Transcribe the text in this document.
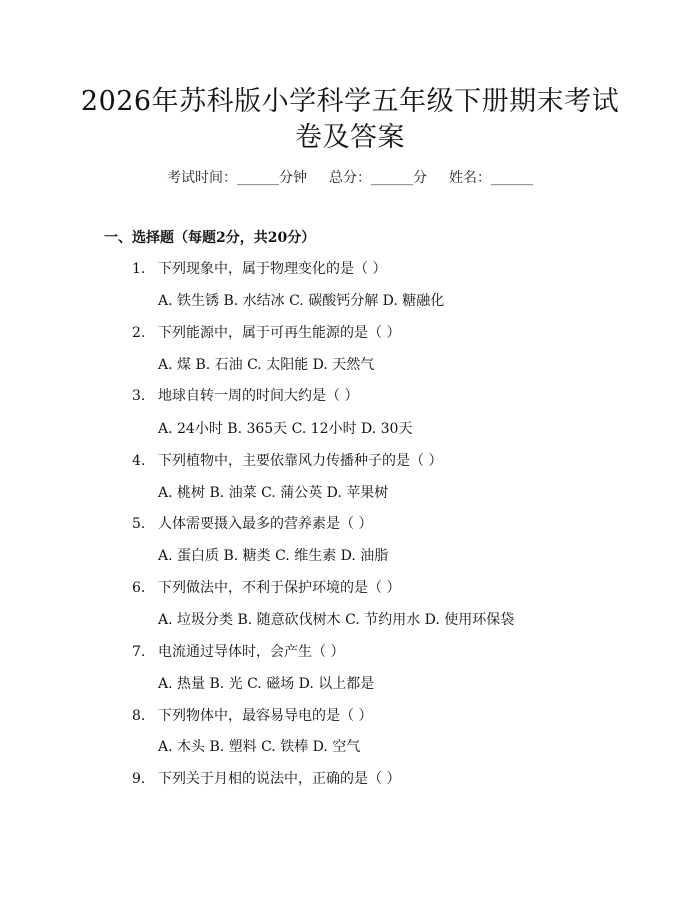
2026年苏科版小学科学五年级下册期末考试
卷及答案
考试时间：______分钟 总分：______分 姓名：______
一、选择题（每题2分，共20分）
1. 下列现象中，属于物理变化的是（ ）
A. 铁生锈 B. 水结冰 C. 碳酸钙分解 D. 糖融化
2. 下列能源中，属于可再生能源的是（ ）
A. 煤 B. 石油 C. 太阳能 D. 天然气
3. 地球自转一周的时间大约是（ ）
A. 24小时 B. 365天 C. 12小时 D. 30天
4. 下列植物中，主要依靠风力传播种子的是（ ）
A. 桃树 B. 油菜 C. 蒲公英 D. 苹果树
5. 人体需要摄入最多的营养素是（ ）
A. 蛋白质 B. 糖类 C. 维生素 D. 油脂
6. 下列做法中，不利于保护环境的是（ ）
A. 垃圾分类 B. 随意砍伐树木 C. 节约用水 D. 使用环保袋
7. 电流通过导体时，会产生（ ）
A. 热量 B. 光 C. 磁场 D. 以上都是
8. 下列物体中，最容易导电的是（ ）
A. 木头 B. 塑料 C. 铁棒 D. 空气
9. 下列关于月相的说法中，正确的是（ ）
